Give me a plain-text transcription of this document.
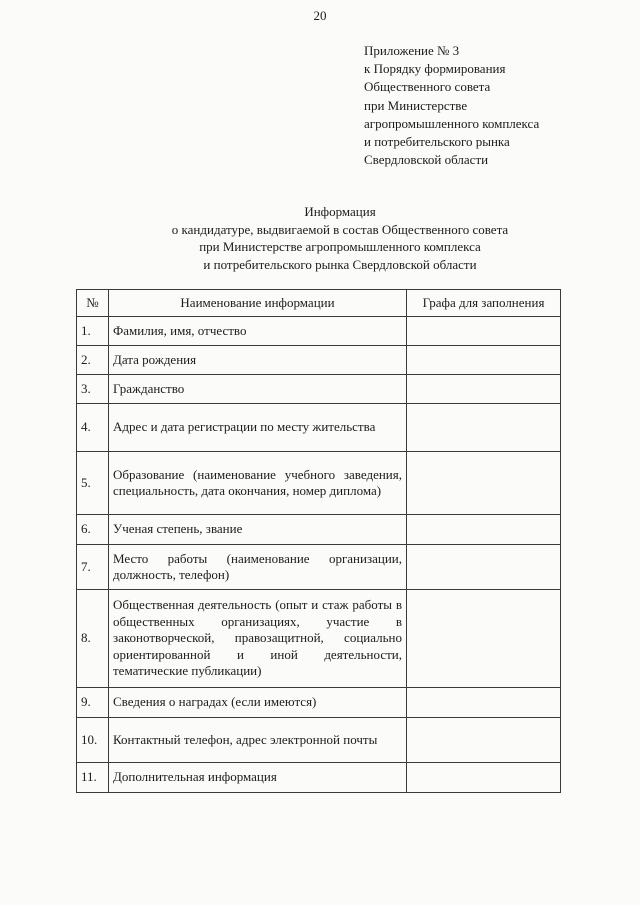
20
Приложение № 3
к Порядку формирования
Общественного совета
при Министерстве
агропромышленного комплекса
и потребительского рынка
Свердловской области
Информация
о кандидатуре, выдвигаемой в состав Общественного совета
при Министерстве агропромышленного комплекса
и потребительского рынка Свердловской области
№	Наименование информации	Графа для заполнения
1.	Фамилия, имя, отчество	
2.	Дата рождения	
3.	Гражданство	
4.	Адрес и дата регистрации по месту жительства	
5.	Образование (наименование учебного заведения, специальность, дата окончания, номер диплома)	
6.	Ученая степень, звание	
7.	Место работы (наименование организации, должность, телефон)	
8.	Общественная деятельность (опыт и стаж работы в общественных организациях, участие в законотворческой, правозащитной, социально ориентированной и иной деятельности, тематические публикации)	
9.	Сведения о наградах (если имеются)	
10.	Контактный телефон, адрес электронной почты	
11.	Дополнительная информация	
